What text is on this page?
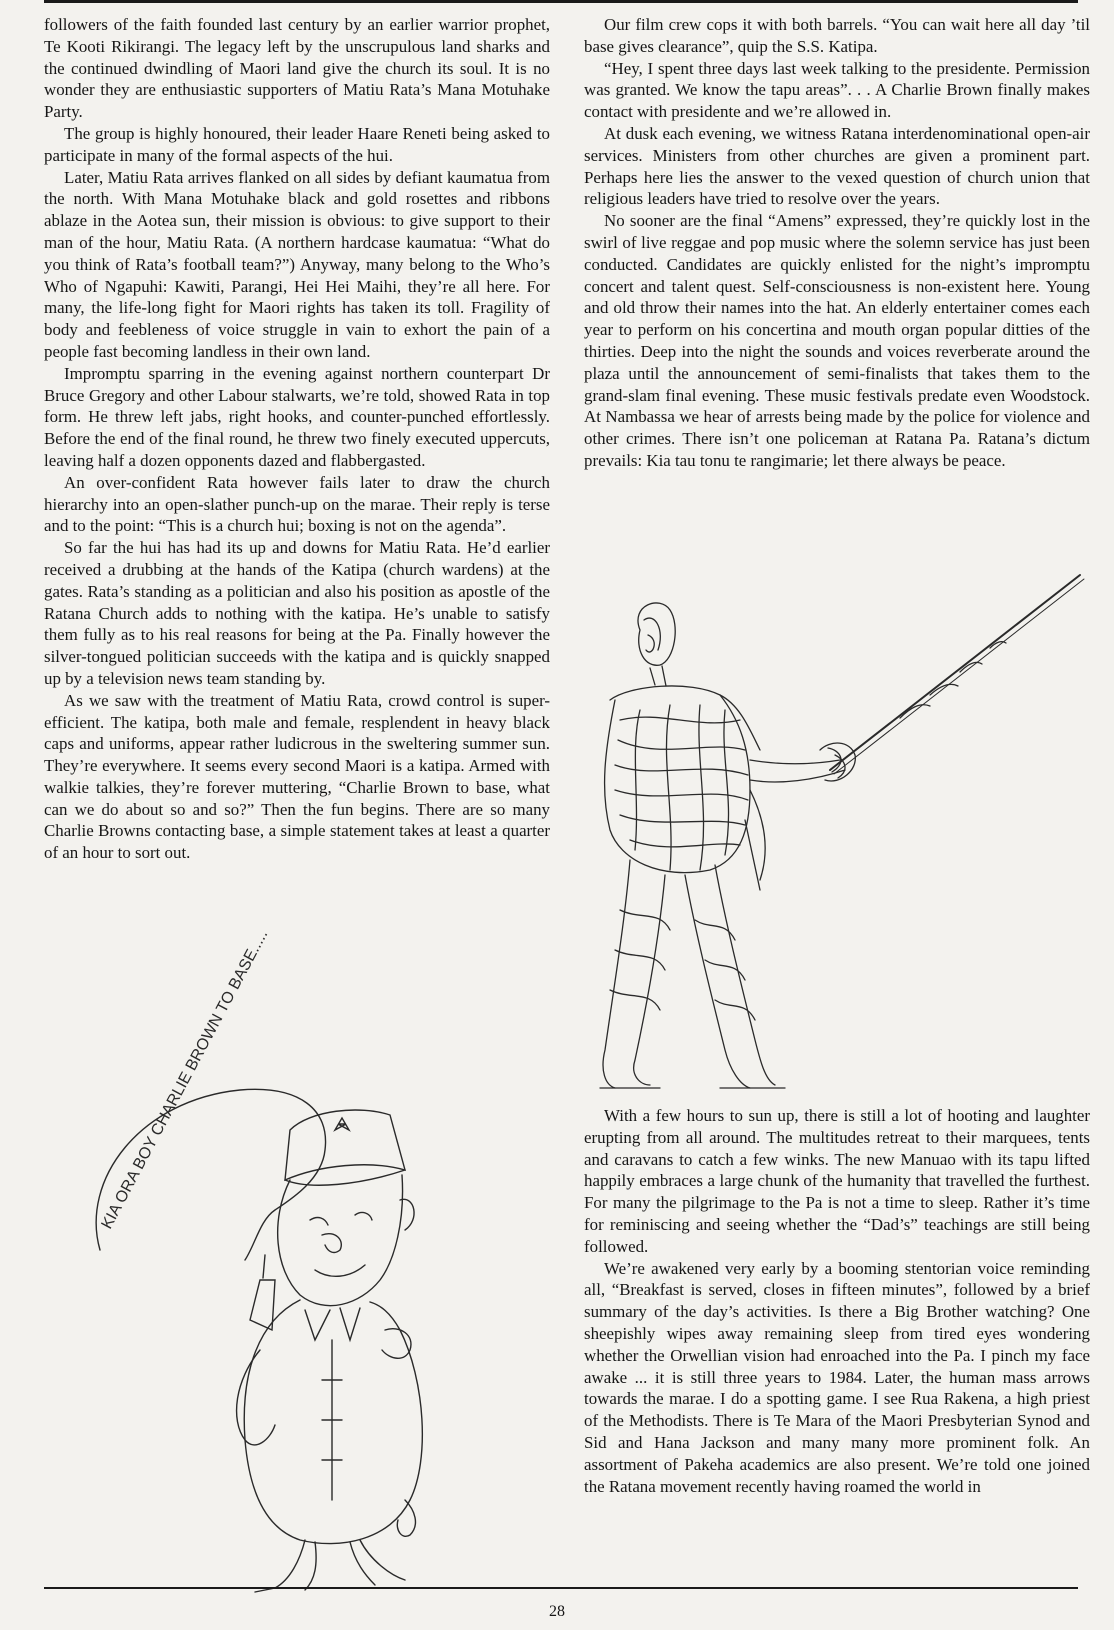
followers of the faith founded last century by an earlier warrior prophet, Te Kooti Rikirangi. The legacy left by the unscrupulous land sharks and the continued dwindling of Maori land give the church its soul. It is no wonder they are enthusiastic supporters of Matiu Rata’s Mana Motuhake Party.

The group is highly honoured, their leader Haare Reneti being asked to participate in many of the formal aspects of the hui.

Later, Matiu Rata arrives flanked on all sides by defiant kaumatua from the north. With Mana Motuhake black and gold rosettes and ribbons ablaze in the Aotea sun, their mission is obvious: to give support to their man of the hour, Matiu Rata. (A northern hardcase kaumatua: “What do you think of Rata’s football team?”) Anyway, many belong to the Who’s Who of Ngapuhi: Kawiti, Parangi, Hei Hei Maihi, they’re all here. For many, the life-long fight for Maori rights has taken its toll. Fragility of body and feebleness of voice struggle in vain to exhort the pain of a people fast becoming landless in their own land.

Impromptu sparring in the evening against northern counterpart Dr Bruce Gregory and other Labour stalwarts, we’re told, showed Rata in top form. He threw left jabs, right hooks, and counter-punched effortlessly. Before the end of the final round, he threw two finely executed uppercuts, leaving half a dozen opponents dazed and flabbergasted.

An over-confident Rata however fails later to draw the church hierarchy into an open-slather punch-up on the marae. Their reply is terse and to the point: “This is a church hui; boxing is not on the agenda”.

So far the hui has had its up and downs for Matiu Rata. He’d earlier received a drubbing at the hands of the Katipa (church wardens) at the gates. Rata’s standing as a politician and also his position as apostle of the Ratana Church adds to nothing with the katipa. He’s unable to satisfy them fully as to his real reasons for being at the Pa. Finally however the silver-tongued politician succeeds with the katipa and is quickly snapped up by a television news team standing by.

As we saw with the treatment of Matiu Rata, crowd control is super-efficient. The katipa, both male and female, resplendent in heavy black caps and uniforms, appear rather ludicrous in the sweltering summer sun. They’re everywhere. It seems every second Maori is a katipa. Armed with walkie talkies, they’re forever muttering, “Charlie Brown to base, what can we do about so and so?” Then the fun begins. There are so many Charlie Browns contacting base, a simple statement takes at least a quarter of an hour to sort out.

Our film crew cops it with both barrels. “You can wait here all day ’til base gives clearance”, quip the S.S. Katipa.

“Hey, I spent three days last week talking to the presidente. Permission was granted. We know the tapu areas”. . . A Charlie Brown finally makes contact with presidente and we’re allowed in.

At dusk each evening, we witness Ratana interdenominational open-air services. Ministers from other churches are given a prominent part. Perhaps here lies the answer to the vexed question of church union that religious leaders have tried to resolve over the years.

No sooner are the final “Amens” expressed, they’re quickly lost in the swirl of live reggae and pop music where the solemn service has just been conducted. Candidates are quickly enlisted for the night’s impromptu concert and talent quest. Self-consciousness is non-existent here. Young and old throw their names into the hat. An elderly entertainer comes each year to perform on his concertina and mouth organ popular ditties of the thirties. Deep into the night the sounds and voices reverberate around the plaza until the announcement of semi-finalists that takes them to the grand-slam final evening. These music festivals predate even Woodstock. At Nambassa we hear of arrests being made by the police for violence and other crimes. There isn’t one policeman at Ratana Pa. Ratana’s dictum prevails: Kia tau tonu te rangimarie; let there always be peace.

KIA ORA BOY CHARLIE BROWN TO BASE.....	With a few hours to sun up, there is still a lot of hooting and laughter erupting from all around. The multitudes retreat to their marquees, tents and caravans to catch a few winks. The new Manuao with its tapu lifted happily embraces a large chunk of the humanity that travelled the furthest. For many the pilgrimage to the Pa is not a time to sleep. Rather it’s time for reminiscing and seeing whether the “Dad’s” teachings are still being followed.

We’re awakened very early by a booming stentorian voice reminding all, “Breakfast is served, closes in fifteen minutes”, followed by a brief summary of the day’s activities. Is there a Big Brother watching? One sheepishly wipes away remaining sleep from tired eyes wondering whether the Orwellian vision had enroached into the Pa. I pinch my face awake ... it is still three years to 1984. Later, the human mass arrows towards the marae. I do a spotting game. I see Rua Rakena, a high priest of the Methodists. There is Te Mara of the Maori Presbyterian Synod and Sid and Hana Jackson and many many more prominent folk. An assortment of Pakeha academics are also present. We’re told one joined the Ratana movement recently having roamed the world in

28
